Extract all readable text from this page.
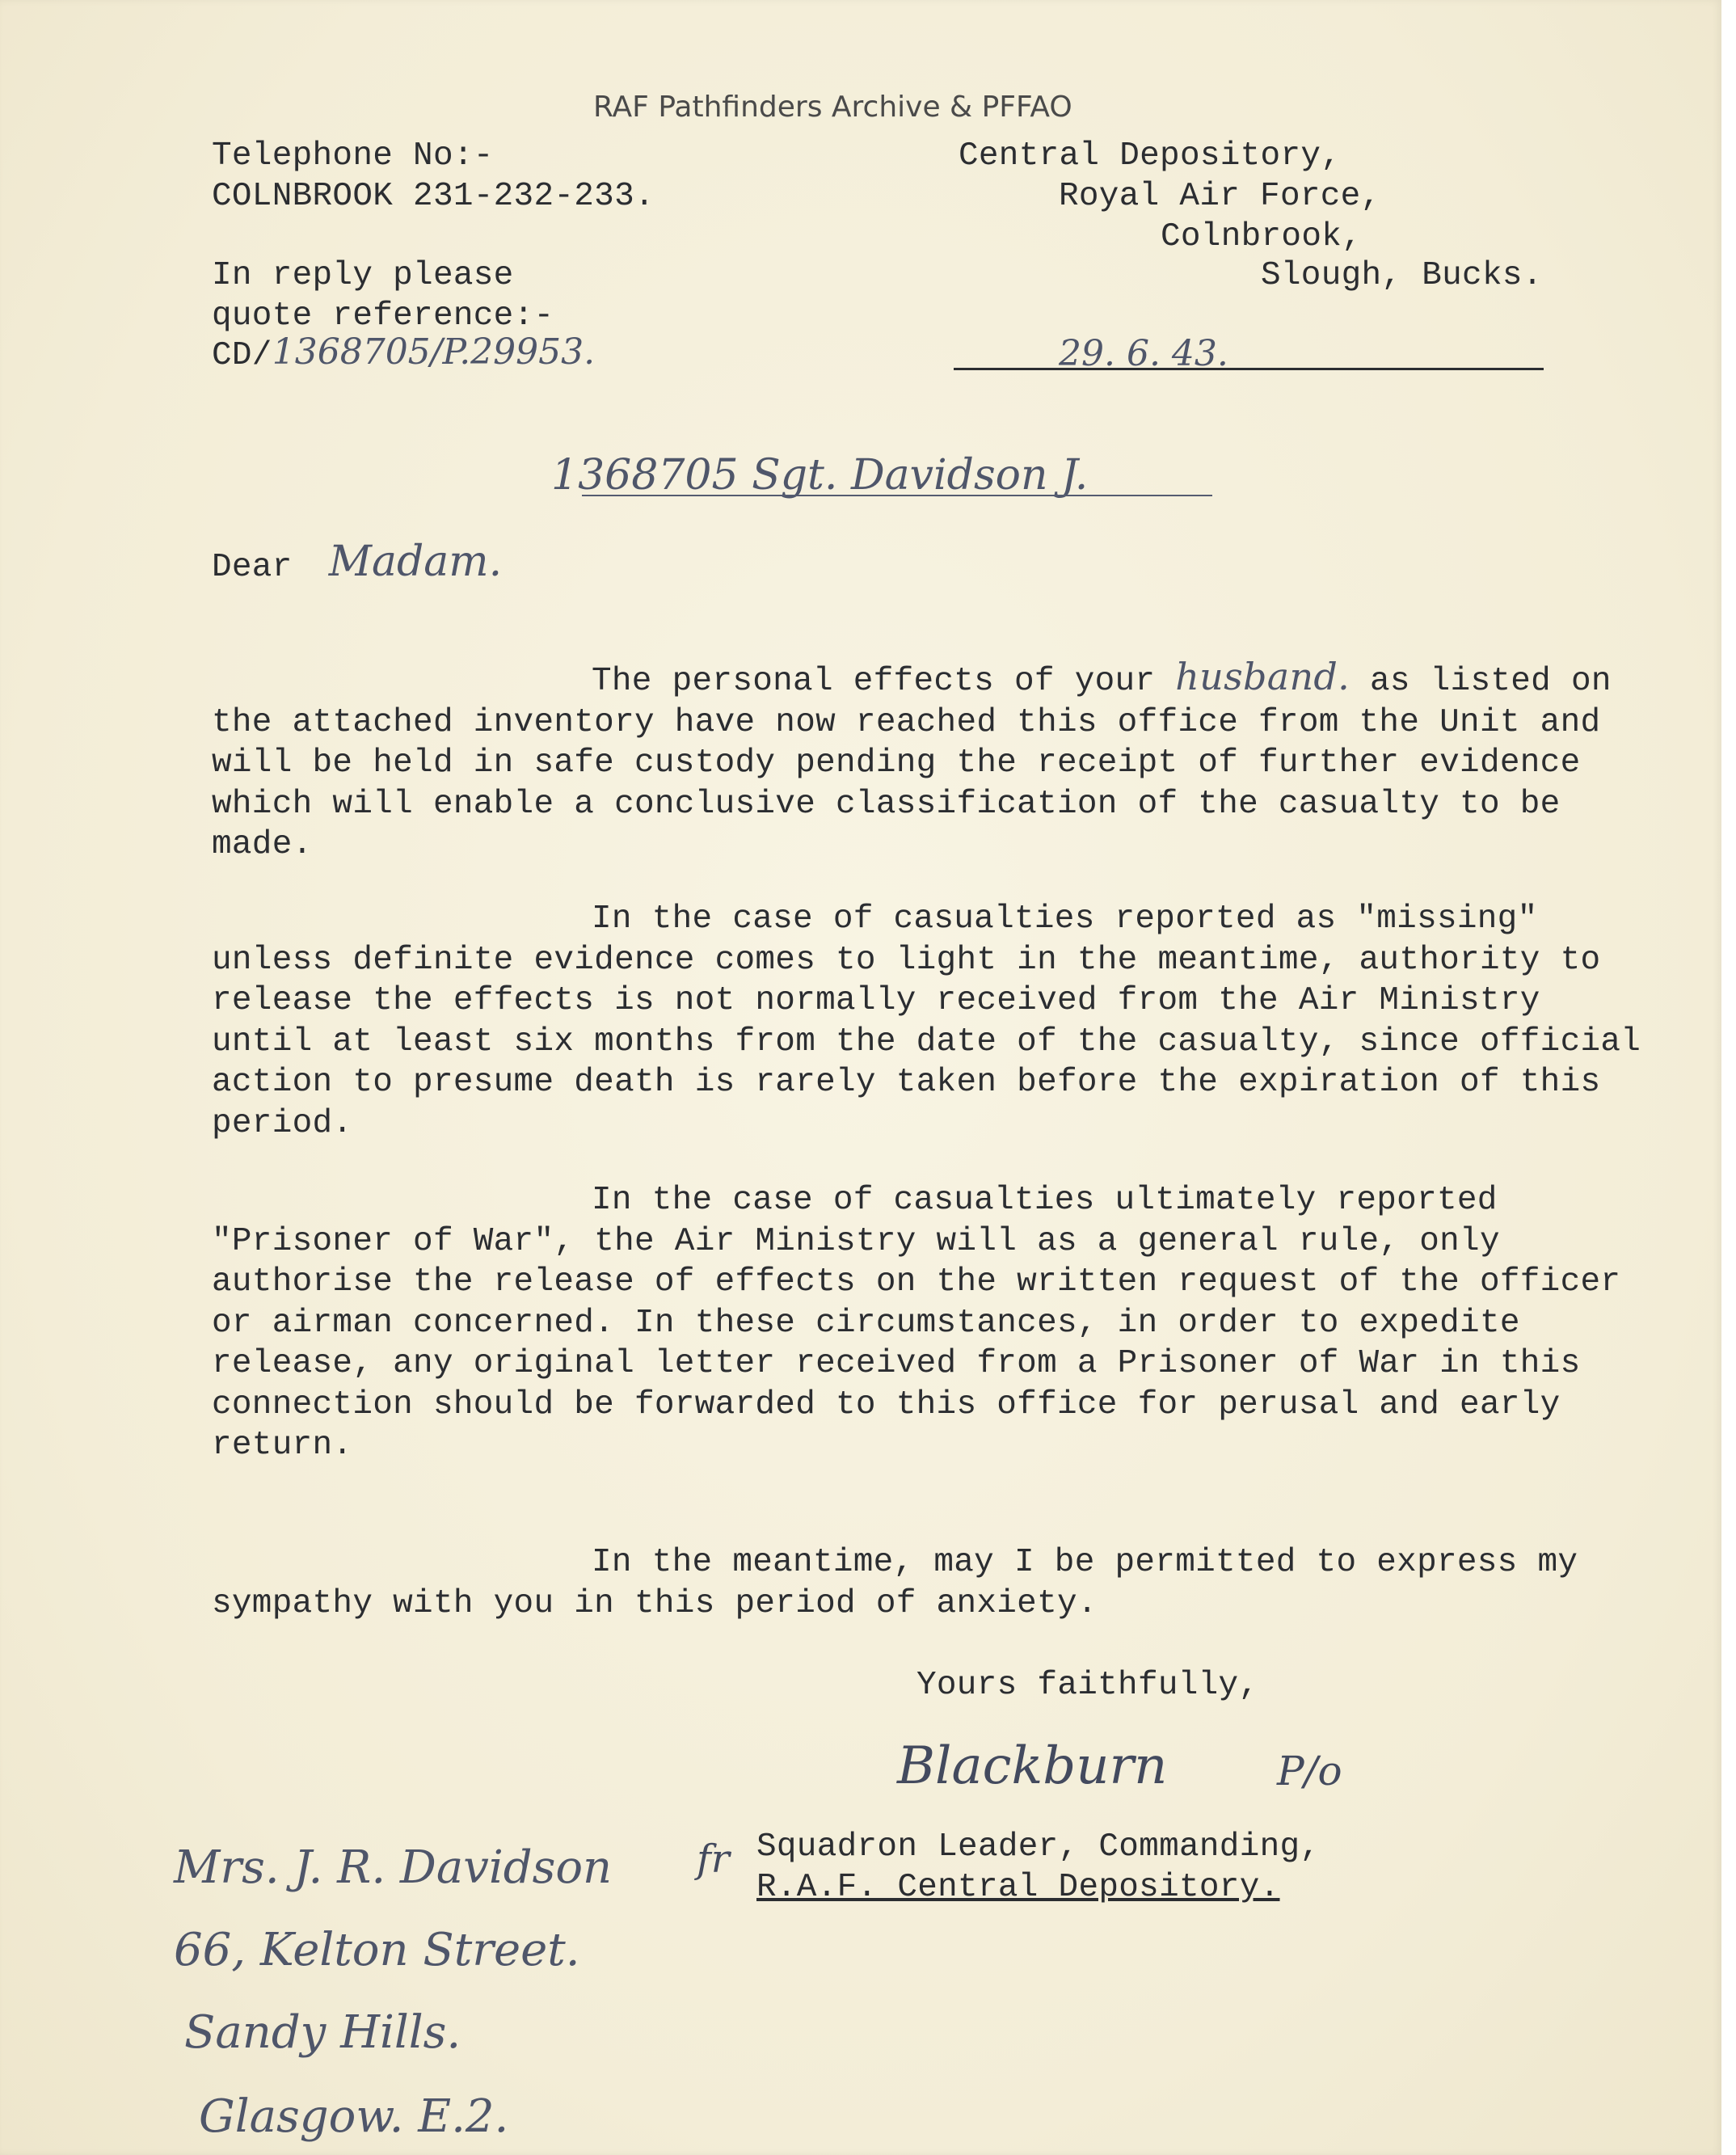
RAF Pathfinders Archive & PFFAO
Telephone No:-
COLNBROOK 231-232-233.
In reply please
quote reference:-
CD/1368705/P.29953.
Central Depository,
Royal Air Force,
Colnbrook,
Slough, Bucks.
29. 6. 43.
1368705 Sgt. Davidson J.
Dear Madam.
The personal effects of your husband. as listed on the attached inventory have now reached this office from the Unit and will be held in safe custody pending the receipt of further evidence which will enable a conclusive classification of the casualty to be made.
In the case of casualties reported as "missing" unless definite evidence comes to light in the meantime, authority to release the effects is not normally received from the Air Ministry until at least six months from the date of the casualty, since official action to presume death is rarely taken before the expiration of this period.
In the case of casualties ultimately reported "Prisoner of War", the Air Ministry will as a general rule, only authorise the release of effects on the written request of the officer or airman concerned. In these circumstances, in order to expedite release, any original letter received from a Prisoner of War in this connection should be forwarded to this office for perusal and early return.
In the meantime, may I be permitted to express my sympathy with you in this period of anxiety.
Yours faithfully,
Blackburn	P/o
fr Squadron Leader, Commanding,
R.A.F. Central Depository.
Mrs. J. R. Davidson
66, Kelton Street.
Sandy Hills.
Glasgow. E.2.
